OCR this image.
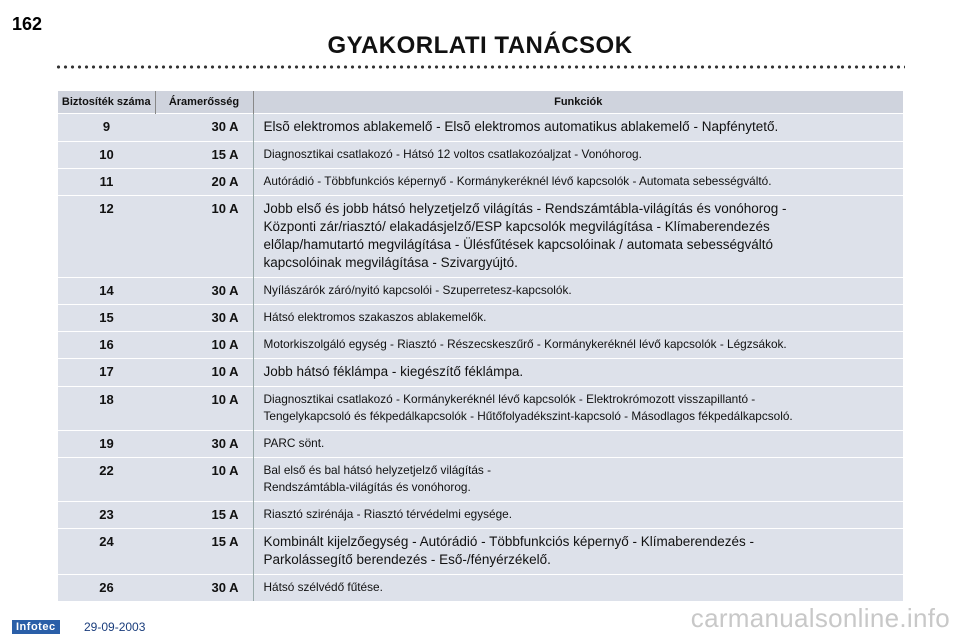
162
GYAKORLATI TANÁCSOK
Biztosíték száma	Áramerősség	Funkciók
9	30 A	Elsõ elektromos ablakemelő - Elsõ elektromos automatikus ablakemelő - Napfénytető.

10	15 A	Diagnosztikai csatlakozó - Hátsó 12 voltos csatlakozóaljzat - Vonóhorog.

11	20 A	Autórádió - Többfunkciós képernyő - Kormánykeréknél lévő kapcsolók - Automata sebességváltó.

12	10 A	Jobb első és jobb hátsó helyzetjelző világítás - Rendszámtábla-világítás és vonóhorog -
Központi zár/riasztó/ elakadásjelző/ESP kapcsolók megvilágítása - Klímaberendezés
előlap/hamutartó megvilágítása - Ülésfűtések kapcsolóinak / automata sebességváltó
kapcsolóinak megvilágítása - Szivargyújtó.

14	30 A	Nyílászárók záró/nyitó kapcsolói - Szuperretesz-kapcsolók.

15	30 A	Hátsó elektromos szakaszos ablakemelők.

16	10 A	Motorkiszolgáló egység - Riasztó - Részecskeszűrő - Kormánykeréknél lévő kapcsolók - Légzsákok.

17	10 A	Jobb hátsó féklámpa - kiegészítő féklámpa.

18	10 A	Diagnosztikai csatlakozó - Kormánykeréknél lévő kapcsolók - Elektrokrómozott visszapillantó -
Tengelykapcsoló és fékpedálkapcsolók - Hűtőfolyadékszint-kapcsoló - Másodlagos fékpedálkapcsoló.

19	30 A	PARC sönt.

22	10 A	Bal első és bal hátsó helyzetjelző világítás -
Rendszámtábla-világítás és vonóhorog.

23	15 A	Riasztó szirénája - Riasztó térvédelmi egysége.

24	15 A	Kombinált kijelzőegység - Autórádió - Többfunkciós képernyő - Klímaberendezés -
Parkolássegítő berendezés - Eső-/fényérzékelő.

26	30 A	Hátsó szélvédő fűtése.
Infotec	29-09-2003	carmanualsonline.info
